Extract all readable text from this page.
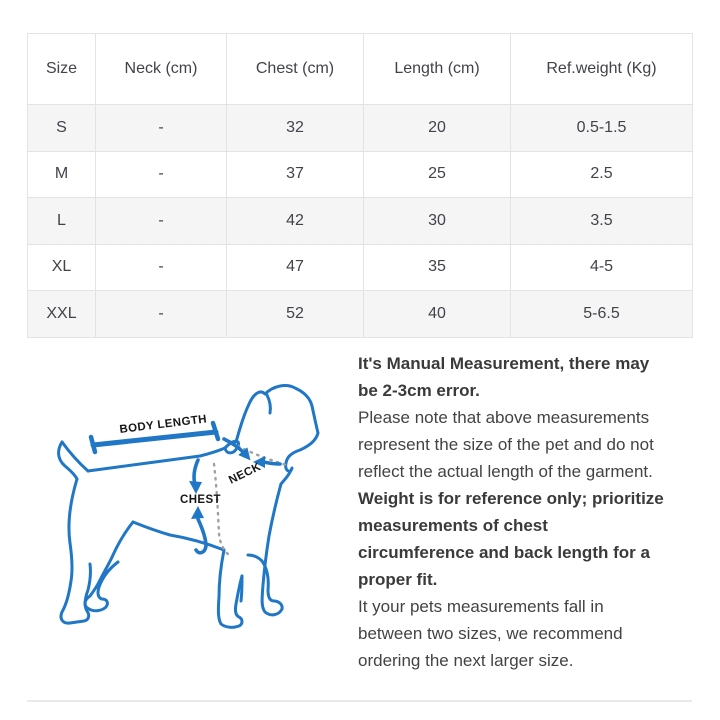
Size	Neck (cm)	Chest (cm)	Length (cm)	Ref.weight (Kg)
S	-	32	20	0.5-1.5
M	-	37	25	2.5
L	-	42	30	3.5
XL	-	47	35	4-5
XXL	-	52	40	5-6.5
BODY LENGTH
NECK
CHEST
It's Manual Measurement, there may
be 2-3cm error.
Please note that above measurements
represent the size of the pet and do not
reflect the actual length of the garment.
Weight is for reference only; prioritize
measurements of chest
circumference and back length for a
proper fit.
It your pets measurements fall in
between two sizes, we recommend
ordering the next larger size.
